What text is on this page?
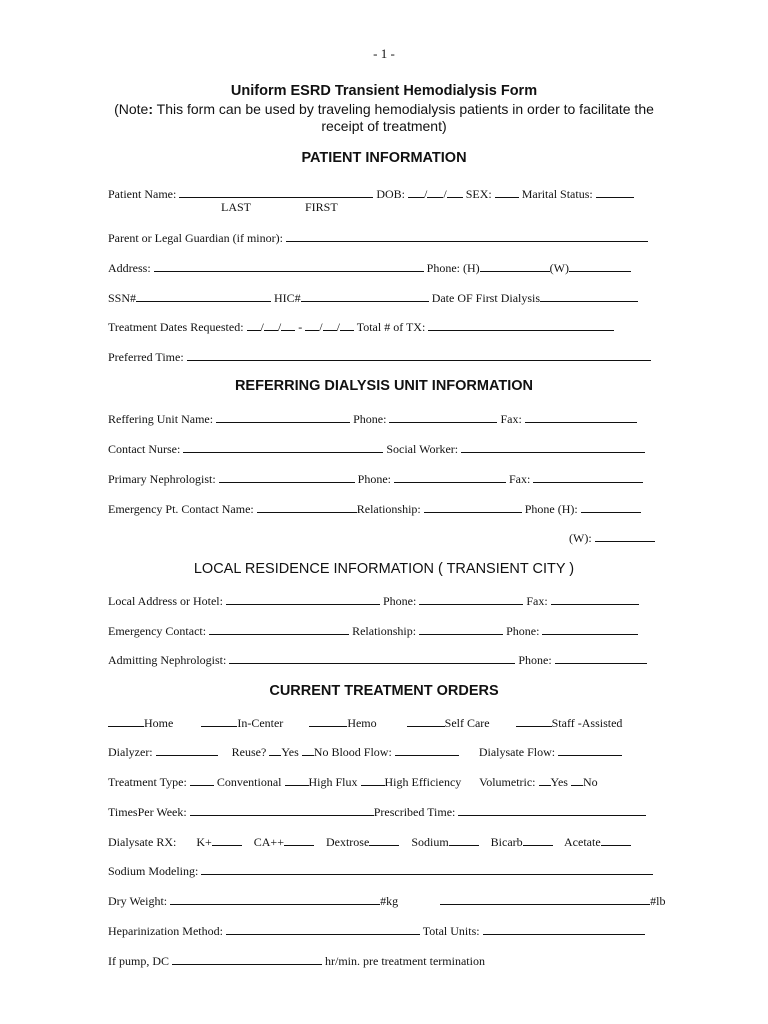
- 1 -
Uniform ESRD Transient Hemodialysis Form
(Note: This form can be used by traveling hemodialysis patients in order to facilitate the
receipt of treatment)
PATIENT INFORMATION
Patient Name:	DOB: / / SEX:	Marital Status:
LAST	FIRST
Parent or Legal Guardian (if minor):
Address:	Phone: (H)	(W)
SSN#	HIC#	Date OF First Dialysis
Treatment Dates Requested: / / - / / Total # of TX:
Preferred Time:
REFERRING DIALYSIS UNIT INFORMATION
Reffering Unit Name:	Phone:	Fax:
Contact Nurse:	Social Worker:
Primary Nephrologist:	Phone:	Fax:
Emergency Pt. Contact Name:	Relationship:	Phone (H):
(W):
LOCAL RESIDENCE INFORMATION ( TRANSIENT CITY )
Local Address or Hotel:	Phone:	Fax:
Emergency Contact:	Relationship:	Phone:
Admitting Nephrologist:	Phone:
CURRENT TREATMENT ORDERS
Home	In-Center	Hemo	Self Care	Staff -Assisted
Dialyzer:	Reuse? Yes No Blood Flow:	Dialysate Flow:
Treatment Type:	Conventional High Flux High Efficiency Volumetric: Yes No
TimesPer Week:	Prescribed Time:
Dialysate RX: K+	CA++	Dextrose	Sodium	Bicarb	Acetate
Sodium Modeling:
Dry Weight:	#kg	#lb
Heparinization Method:	Total Units:
If pump, DC	hr/min. pre treatment termination
